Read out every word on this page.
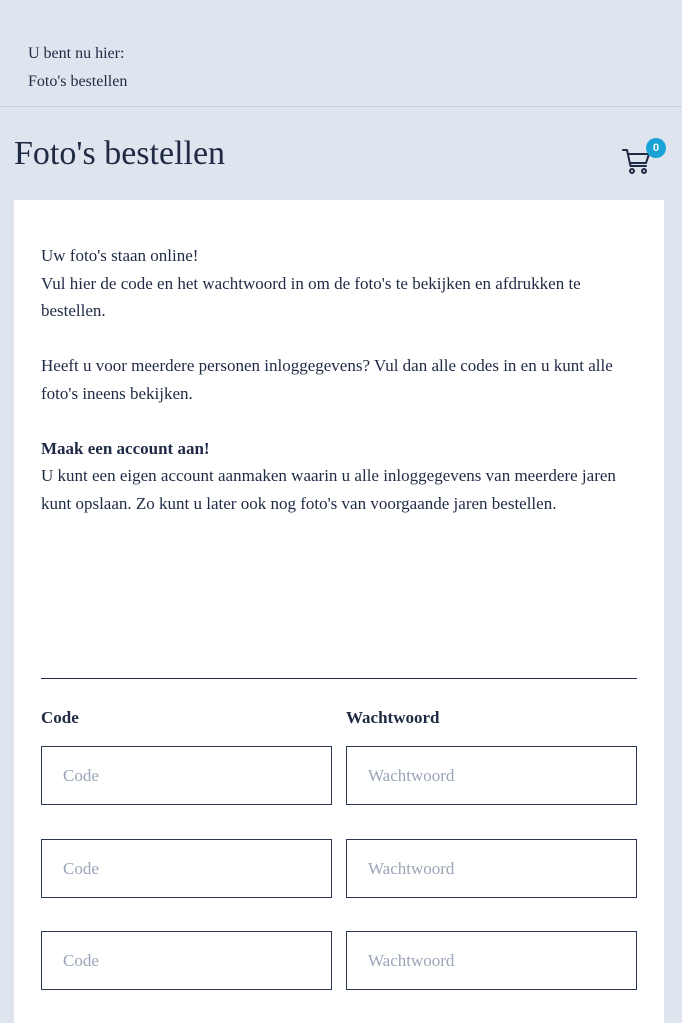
U bent nu hier:
Foto's bestellen
Foto's bestellen	0

Uw foto's staan online!
Vul hier de code en het wachtwoord in om de foto's te bekijken en afdrukken te bestellen.

Heeft u voor meerdere personen inloggegevens? Vul dan alle codes in en u kunt alle foto's ineens bekijken.

Maak een account aan!
U kunt een eigen account aanmaken waarin u alle inloggegevens van meerdere jaren kunt opslaan. Zo kunt u later ook nog foto's van voorgaande jaren bestellen.

Code	Wachtwoord
Code
Code
Code
